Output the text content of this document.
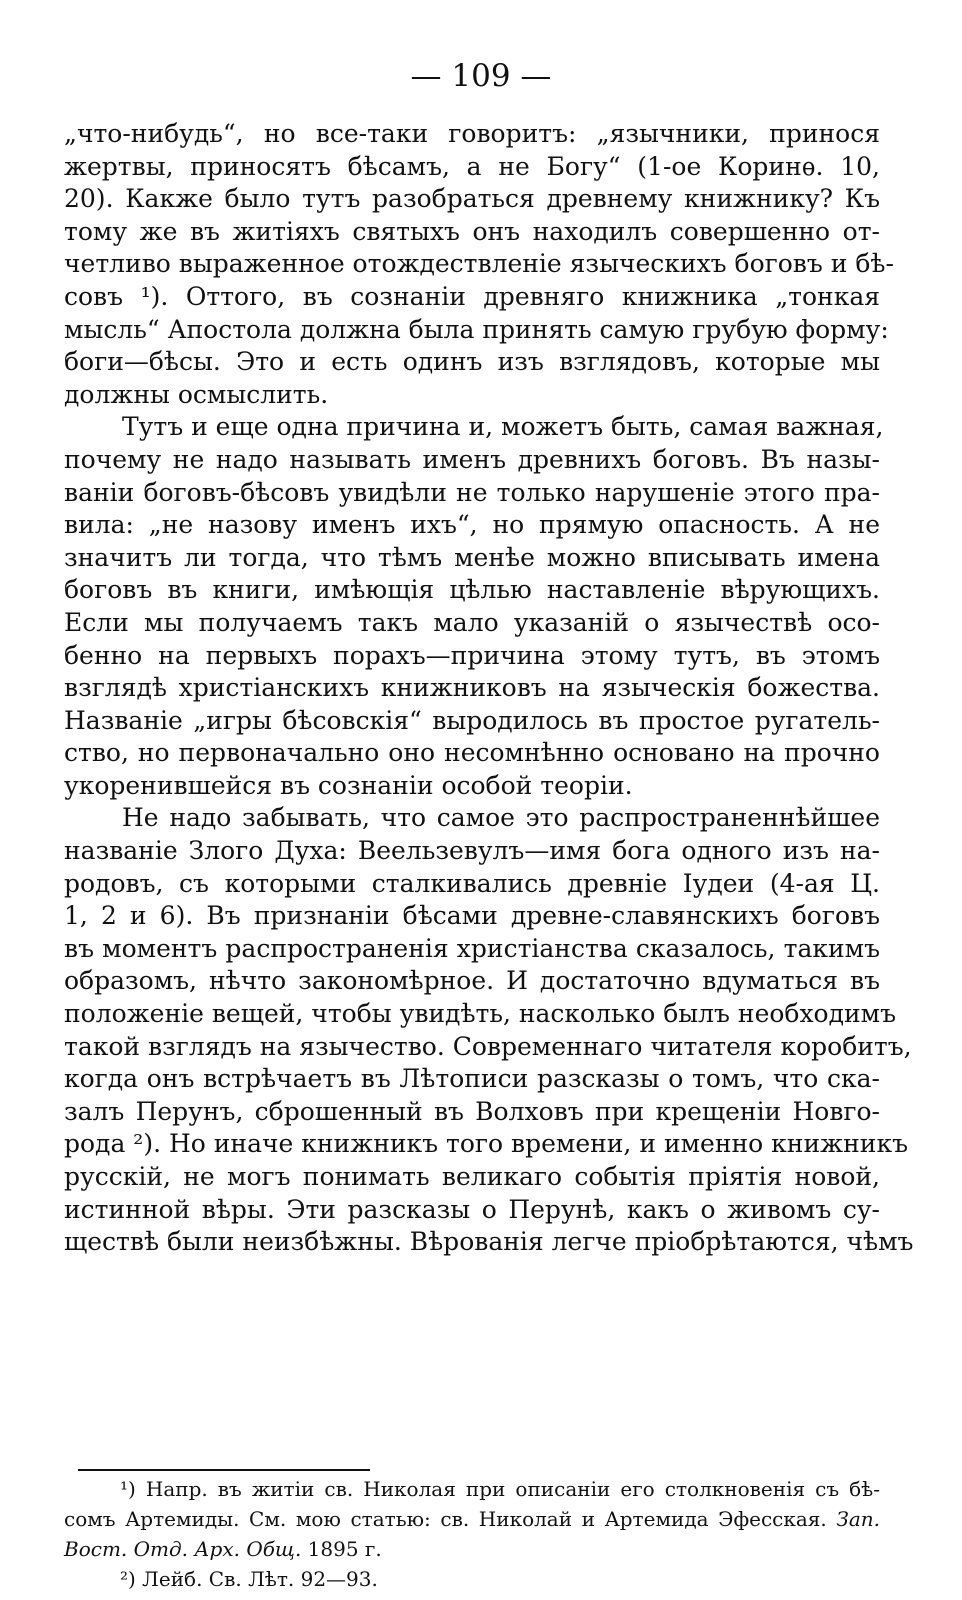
— 109 —
„что-нибудь“, но все-таки говоритъ: „язычники, принося
жертвы, приносятъ бѣсамъ, а не Богу“ (1-ое Коринѳ. 10,
20). Какже было тутъ разобраться древнему книжнику? Къ
тому же въ житіяхъ святыхъ онъ находилъ совершенно от-
четливо выраженное отождествленіе языческихъ боговъ и бѣ-
совъ ¹). Оттого, въ сознаніи древняго книжника „тонкая
мысль“ Апостола должна была принять самую грубую форму:
боги—бѣсы. Это и есть одинъ изъ взглядовъ, которые мы
должны осмыслить.
Тутъ и еще одна причина и, можетъ быть, самая важная,
почему не надо называть именъ древнихъ боговъ. Въ назы-
ваніи боговъ-бѣсовъ увидѣли не только нарушеніе этого пра-
вила: „не назову именъ ихъ“, но прямую опасность. А не
значитъ ли тогда, что тѣмъ менѣе можно вписывать имена
боговъ въ книги, имѣющія цѣлью наставленіе вѣрующихъ.
Если мы получаемъ такъ мало указаній о язычествѣ осо-
бенно на первыхъ порахъ—причина этому тутъ, въ этомъ
взглядѣ христіанскихъ книжниковъ на языческія божества.
Названіе „игры бѣсовскія“ выродилось въ простое ругатель-
ство, но первоначально оно несомнѣнно основано на прочно
укоренившейся въ сознаніи особой теоріи.
Не надо забывать, что самое это распространеннѣйшее
названіе Злого Духа: Веельзевулъ—имя бога одного изъ на-
родовъ, съ которыми сталкивались древніе Іудеи (4-ая Ц.
1, 2 и 6). Въ признаніи бѣсами древне-славянскихъ боговъ
въ моментъ распространенія христіанства сказалось, такимъ
образомъ, нѣчто закономѣрное. И достаточно вдуматься въ
положеніе вещей, чтобы увидѣть, насколько былъ необходимъ
такой взглядъ на язычество. Современнаго читателя коробитъ,
когда онъ встрѣчаетъ въ Лѣтописи разсказы о томъ, что ска-
залъ Перунъ, сброшенный въ Волховъ при крещеніи Новго-
рода ²). Но иначе книжникъ того времени, и именно книжникъ
русскій, не могъ понимать великаго событія пріятія новой,
истинной вѣры. Эти разсказы о Перунѣ, какъ о живомъ су-
ществѣ были неизбѣжны. Вѣрованія легче пріобрѣтаются, чѣмъ
¹) Напр. въ житіи св. Николая при описаніи его столкновенія съ бѣ-
сомъ Артемиды. См. мою статью: св. Николай и Артемида Эфесская. Зап.
Вост. Отд. Арх. Общ. 1895 г.
²) Лейб. Св. Лѣт. 92—93.
